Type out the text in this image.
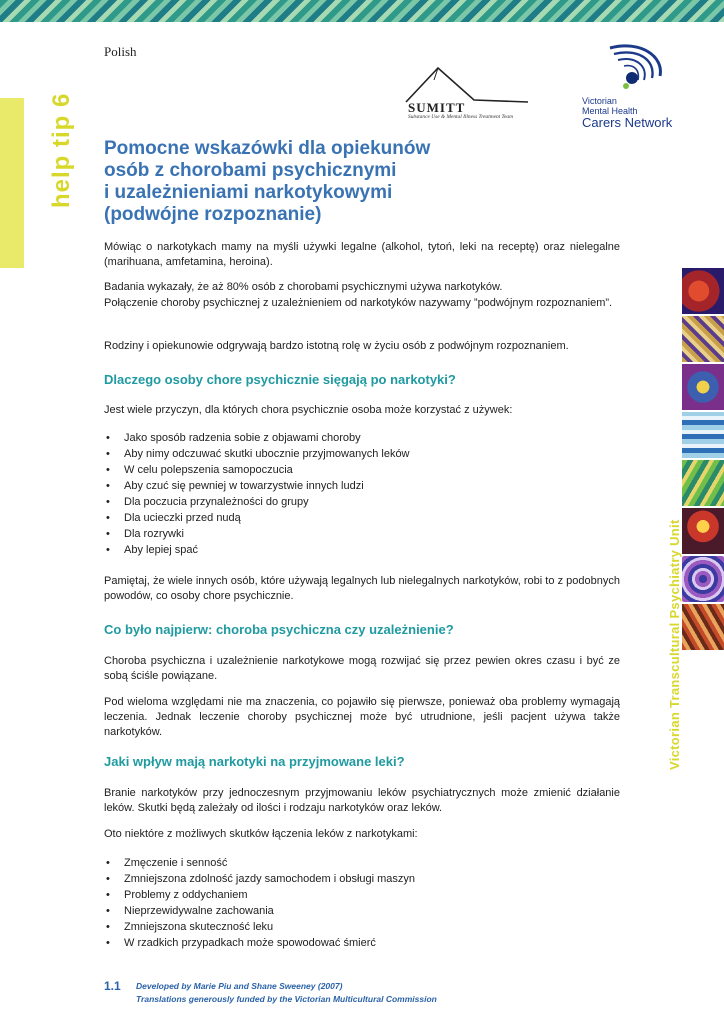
Polish
help tip 6	SUMITT
Substance Use & Mental Illness Treatment Team
Victorian
Mental Health
Carers Network
Pomocne wskazówki dla opiekunów
osób z chorobami psychicznymi
i uzależnieniami narkotykowymi
(podwójne rozpoznanie)

Mówiąc o narkotykach mamy na myśli używki legalne (alkohol, tytoń, leki na receptę) oraz nielegalne (marihuana, amfetamina, heroina).

Badania wykazały, że aż 80% osób z chorobami psychicznymi używa narkotyków.

Połączenie choroby psychicznej z uzależnieniem od narkotyków nazywamy ”podwójnym rozpoznaniem”.

Rodziny i opiekunowie odgrywają bardzo istotną rolę w życiu osób z podwójnym rozpoznaniem.

Dlaczego osoby chore psychicznie sięgają po narkotyki?

Jest wiele przyczyn, dla których chora psychicznie osoba może korzystać z używek:

• Jako sposób radzenia sobie z objawami choroby
• Aby nimy odczuwać skutki ubocznie przyjmowanych leków
• W celu polepszenia samopoczucia
• Aby czuć się pewniej w towarzystwie innych ludzi
• Dla poczucia przynależności do grupy
• Dla ucieczki przed nudą
• Dla rozrywki
• Aby lepiej spać

Pamiętaj, że wiele innych osób, które używają legalnych lub nielegalnych narkotyków, robi to z podobnych powodów, co osoby chore psychicznie.

Co było najpierw: choroba psychiczna czy uzależnienie?

Choroba psychiczna i uzależnienie narkotykowe mogą rozwijać się przez pewien okres czasu i być ze sobą ściśle powiązane.

Pod wieloma względami nie ma znaczenia, co pojawiło się pierwsze, ponieważ oba problemy wymagają leczenia. Jednak leczenie choroby psychicznej może być utrudnione, jeśli pacjent używa także narkotyków.

Jaki wpływ mają narkotyki na przyjmowane leki?

Branie narkotyków przy jednoczesnym przyjmowaniu leków psychiatrycznych może zmienić działanie leków. Skutki będą zależały od ilości i rodzaju narkotyków oraz leków.

Oto niektóre z możliwych skutków łączenia leków z narkotykami:

• Zmęczenie i senność
• Zmniejszona zdolność jazdy samochodem i obsługi maszyn
• Problemy z oddychaniem
• Nieprzewidywalne zachowania
• Zmniejszona skuteczność leku
• W rzadkich przypadkach może spowodować śmierć
Victorian Transcultural Psychiatry Unit
1.1 Developed by Marie Piu and Shane Sweeney (2007)
Translations generously funded by the Victorian Multicultural Commission
